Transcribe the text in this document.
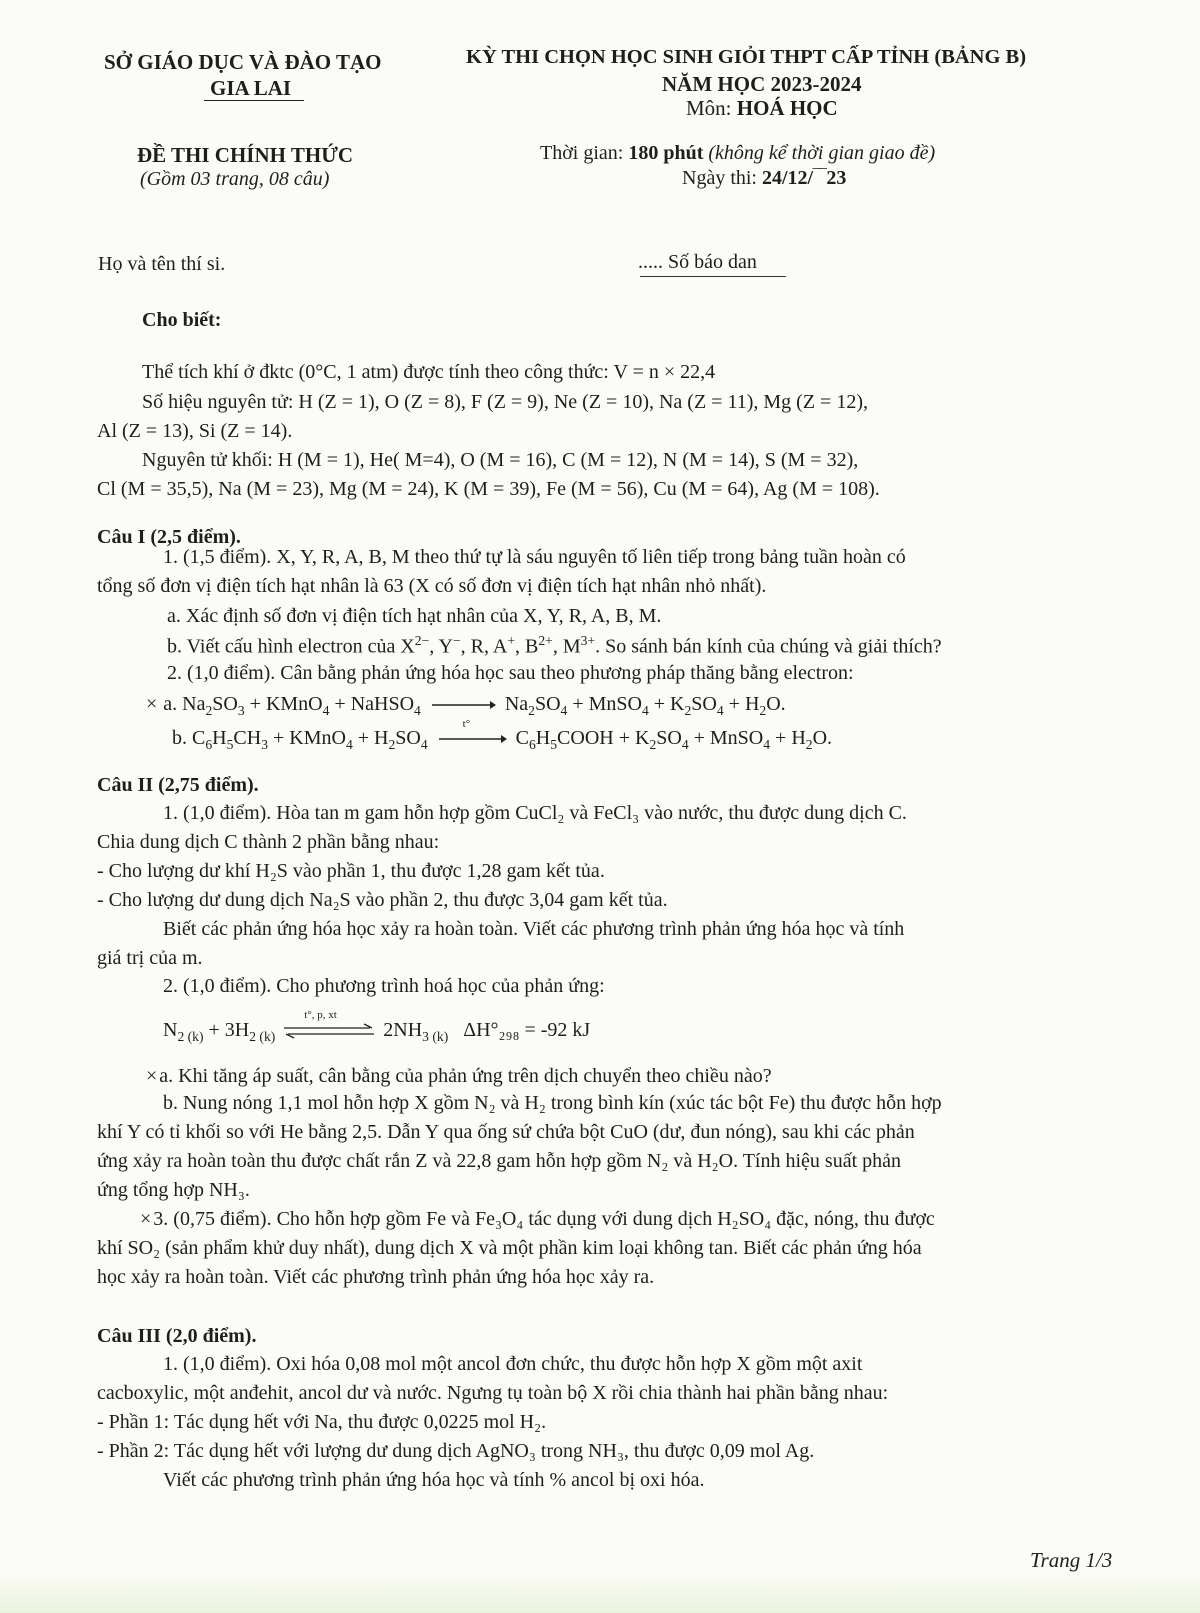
SỞ GIÁO DỤC VÀ ĐÀO TẠO
GIA LAI
ĐỀ THI CHÍNH THỨC
(Gồm 03 trang, 08 câu)
KỲ THI CHỌN HỌC SINH GIỎI THPT CẤP TỈNH (BẢNG B)
NĂM HỌC 2023-2024
Môn: HOÁ HỌC
Thời gian: 180 phút (không kể thời gian giao đề)
Ngày thi: 24/12/‾‾23
Họ và tên thí si.	..... Số báo dan
Cho biết:
Thể tích khí ở đktc (0°C, 1 atm) được tính theo công thức: V = n × 22,4
Số hiệu nguyên tử: H (Z = 1), O (Z = 8), F (Z = 9), Ne (Z = 10), Na (Z = 11), Mg (Z = 12),
Al (Z = 13), Si (Z = 14).
Nguyên tử khối: H (M = 1), He( M=4), O (M = 16), C (M = 12), N (M = 14), S (M = 32),
Cl (M = 35,5), Na (M = 23), Mg (M = 24), K (M = 39), Fe (M = 56), Cu (M = 64), Ag (M = 108).
Câu I (2,5 điểm).
1. (1,5 điểm). X, Y, R, A, B, M theo thứ tự là sáu nguyên tố liên tiếp trong bảng tuần hoàn có
tổng số đơn vị điện tích hạt nhân là 63 (X có số đơn vị điện tích hạt nhân nhỏ nhất).
a. Xác định số đơn vị điện tích hạt nhân của X, Y, R, A, B, M.
b. Viết cấu hình electron của $X^{2-}$, Y−, R, A+, $B^{2+}$, $M^{3+}$. So sánh bán kính của chúng và giải thích?
2. (1,0 điểm). Cân bằng phản ứng hóa học sau theo phương pháp thăng bằng electron:
× a. $Na_2SO_3$ + KMnO$_4$ + NaHSO$_4$ → $Na_2SO_4$ + MnSO$_4$ + $K_2SO_4 + H_2O$.
b. $C_6H_5CH_3$ + KMnO$_4$ + $H_2SO_4$
t°
$C_6H_5COOH + K_2SO_4$ + MnSO$_4$ + $H_2O$.
Câu II (2,75 điểm).
1. (1,0 điểm). Hòa tan m gam hỗn hợp gồm CuCl₂ và FeCl₃ vào nước, thu được dung dịch C.
Chia dung dịch C thành 2 phần bằng nhau:
- Cho lượng dư khí H₂S vào phần 1, thu được 1,28 gam kết tủa.
- Cho lượng dư dung dịch Na₂S vào phần 2, thu được 3,04 gam kết tủa.
Biết các phản ứng hóa học xảy ra hoàn toàn. Viết các phương trình phản ứng hóa học và tính
giá trị của m.
2. (1,0 điểm). Cho phương trình hoá học của phản ứng:
$N_{2 (k)} + 3H_{2 (k)}$
t°, p, xt
$2NH_{3 (k)}$ ΔH°₂₉₈ = -92 kJ
× a. Khi tăng áp suất, cân bằng của phản ứng trên dịch chuyển theo chiều nào?
b. Nung nóng 1,1 mol hỗn hợp X gồm N₂ và H₂ trong bình kín (xúc tác bột Fe) thu được hỗn hợp
khí Y có tỉ khối so với He bằng 2,5. Dẫn Y qua ống sứ chứa bột CuO (dư, đun nóng), sau khi các phản
ứng xảy ra hoàn toàn thu được chất rắn Z và 22,8 gam hỗn hợp gồm N₂ và H₂O. Tính hiệu suất phản
ứng tổng hợp NH₃.
× 3. (0,75 điểm). Cho hỗn hợp gồm Fe và Fe₃O₄ tác dụng với dung dịch H₂SO₄ đặc, nóng, thu được
khí SO₂ (sản phẩm khử duy nhất), dung dịch X và một phần kim loại không tan. Biết các phản ứng hóa
học xảy ra hoàn toàn. Viết các phương trình phản ứng hóa học xảy ra.
Câu III (2,0 điểm).
1. (1,0 điểm). Oxi hóa 0,08 mol một ancol đơn chức, thu được hỗn hợp X gồm một axit
cacboxylic, một anđehit, ancol dư và nước. Ngưng tụ toàn bộ X rồi chia thành hai phần bằng nhau:
- Phần 1: Tác dụng hết với Na, thu được 0,0225 mol H₂.
- Phần 2: Tác dụng hết với lượng dư dung dịch AgNO₃ trong NH₃, thu được 0,09 mol Ag.
Viết các phương trình phản ứng hóa học và tính % ancol bị oxi hóa.
Trang 1/3
